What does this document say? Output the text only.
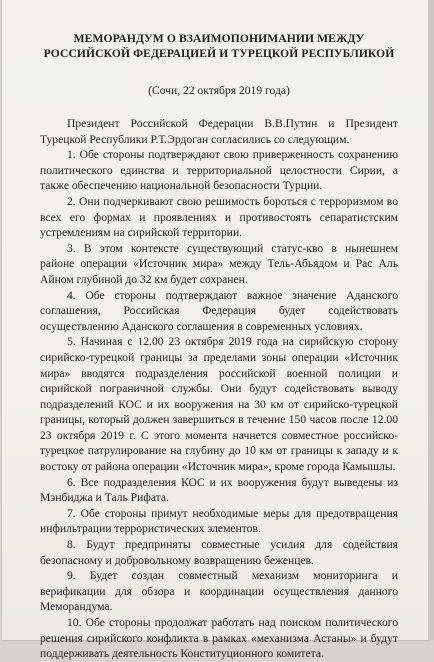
МЕМОРАНДУМ О ВЗАИМОПОНИМАНИИ МЕЖДУ
РОССИЙСКОЙ ФЕДЕРАЦИЕЙ И ТУРЕЦКОЙ РЕСПУБЛИКОЙ
(Сочи, 22 октября 2019 года)

Президент Российской Федерации В.В.Путин и Президент Турецкой Республики Р.Т.Эрдоган согласились со следующим.

1. Обе стороны подтверждают свою приверженность сохранению политического единства и территориальной целостности Сирии, а также обеспечению национальной безопасности Турции.

2. Они подчеркивают свою решимость бороться с терроризмом во всех его формах и проявлениях и противостоять сепаратистским устремлениям на сирийской территории.

3. В этом контексте существующий статус-кво в нынешнем районе операции «Источник мира» между Тель-Абьядом и Рас Аль Айном глубиной до 32 км будет сохранен.

4. Обе стороны подтверждают важное значение Аданского соглашения, Российская Федерация будет содействовать осуществлению Аданского соглашения в современных условиях.

5. Начиная с 12.00 23 октября 2019 года на сирийскую сторону сирийско-турецкой границы за пределами зоны операции «Источник мира» вводятся подразделения российской военной полиции и сирийской пограничной службы. Они будут содействовать выводу подразделений КОС и их вооружения на 30 км от сирийско-турецкой границы, который должен завершиться в течение 150 часов после 12.00 23 октября 2019 г. С этого момента начнется совместное российско-турецкое патрулирование на глубину до 10 км от границы к западу и к востоку от района операции «Источник мира», кроме города Камышлы.

6. Все подразделения КОС и их вооружения будут выведены из Мэнбиджа и Таль Рифата.

7. Обе стороны примут необходимые меры для предотвращения инфильтрации террористических элементов.

8. Будут предприняты совместные усилия для содействия безопасному и добровольному возвращению беженцев.

9. Будет создан совместный механизм мониторинга и верификации для обзора и координации осуществления данного Меморандума.

10. Обе стороны продолжат работать над поиском политического решения сирийского конфликта в рамках «механизма Астаны» и будут поддерживать деятельность Конституционного комитета.
